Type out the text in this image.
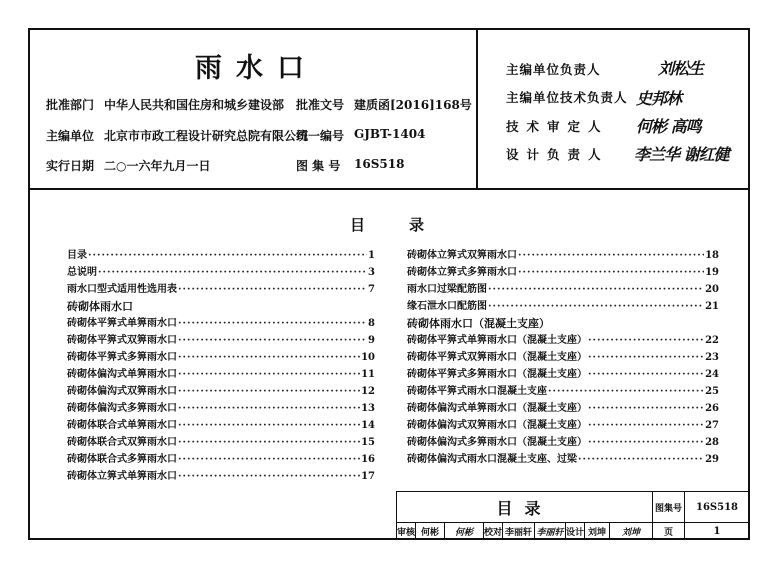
雨水口
批准部门 中华人民共和国住房和城乡建设部 批准文号 建质函[2016]168号
主编单位 北京市市政工程设计研究总院有限公司
统一编号 GJBT-1404
实行日期 二○一六年九月一日	图 集 号 16S518
主编单位负责人	刘松生
主编单位技术负责人 史邦林
技术审定人 何彬 高鸣
设计负责人 李兰华 谢红健
目录
目录 ·····	1
总说明 ·····	3
雨水口型式适用性选用表 ·····	7
砖砌体雨水口
砖砌体平箅式单箅雨水口 ·····	8
砖砌体平箅式双箅雨水口 ·····	9
砖砌体平箅式多箅雨水口 ·····	10
砖砌体偏沟式单箅雨水口 ·····	11
砖砌体偏沟式双箅雨水口 ·····	12
砖砌体偏沟式多箅雨水口 ·····	13
砖砌体联合式单箅雨水口 ·····	14
砖砌体联合式双箅雨水口 ·····	15
砖砌体联合式多箅雨水口 ·····	16
砖砌体立箅式单箅雨水口 ·····	17
砖砌体立箅式双箅雨水口 ·····	18
砖砌体立箅式多箅雨水口 ·····	19
雨水口过梁配筋图 ·····	20
缘石泄水口配筋图 ·····	21
砖砌体雨水口（混凝土支座）
砖砌体平箅式单箅雨水口（混凝土支座） ·····	22
砖砌体平箅式双箅雨水口（混凝土支座） ·····	23
砖砌体平箅式多箅雨水口（混凝土支座） ·····	24
砖砌体平箅式雨水口混凝土支座 ·····	25
砖砌体偏沟式单箅雨水口（混凝土支座） ·····	26
砖砌体偏沟式双箅雨水口（混凝土支座） ·····	27
砖砌体偏沟式多箅雨水口（混凝土支座） ·····	28
砖砌体偏沟式雨水口混凝土支座、过梁 ·····	29
目录	图集号	16S518
审核 何彬	何彬	校对 李丽轩 李丽轩 设计 刘坤	刘坤	页	1
